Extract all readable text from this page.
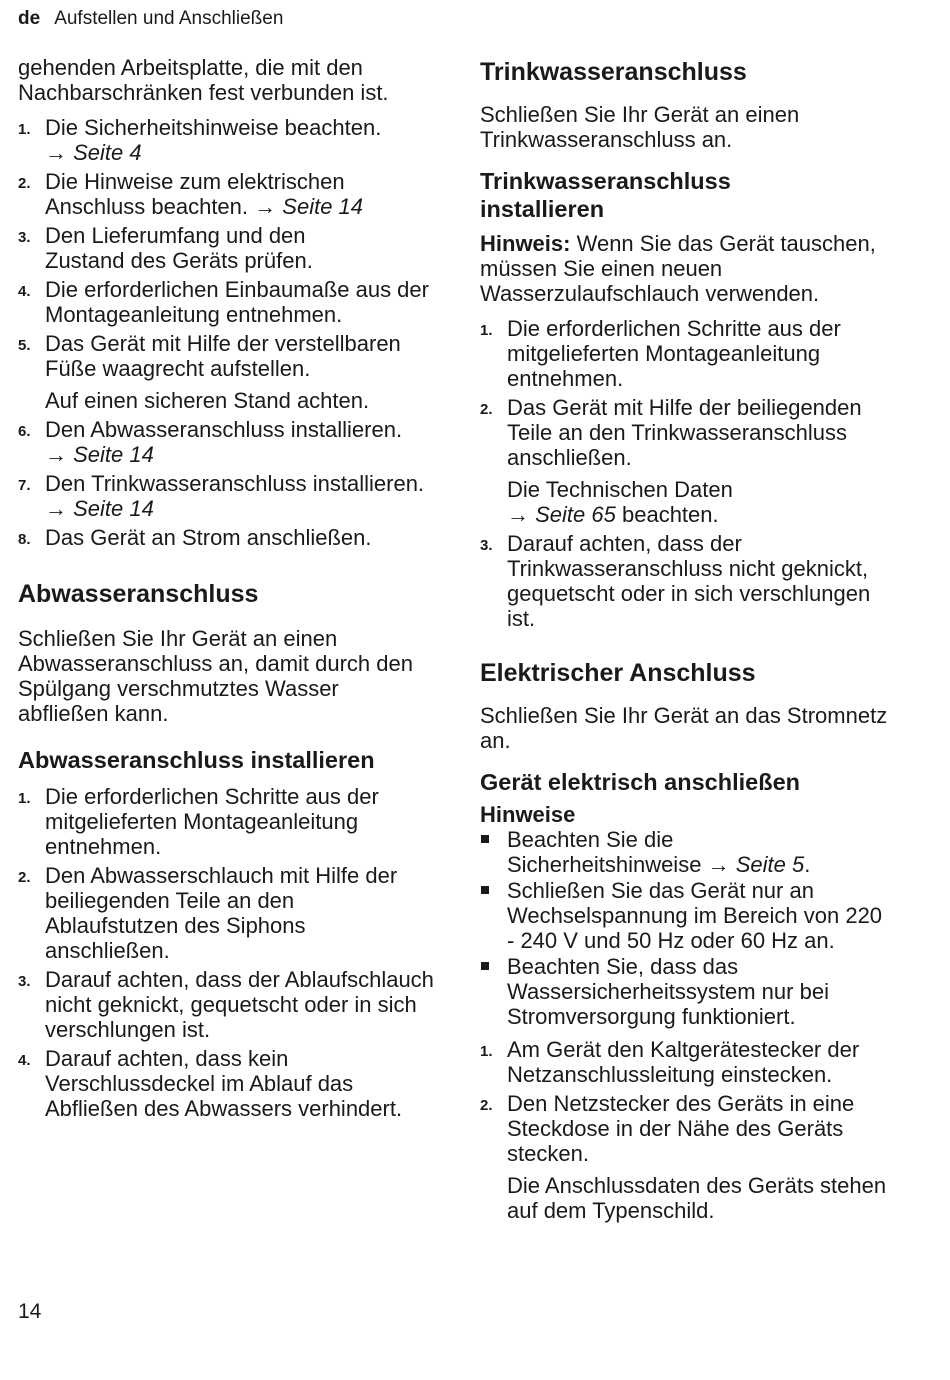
de Aufstellen und Anschließen

gehenden Arbeitsplatte, die mit den Nachbarschränken fest verbunden ist.

1. Die Sicherheitshinweise beachten.
→ Seite 4
2. Die Hinweise zum elektrischen Anschluss beachten. → Seite 14
3. Den Lieferumfang und den Zustand des Geräts prüfen.
4. Die erforderlichen Einbaumaße aus der Montageanleitung entnehmen.
5. Das Gerät mit Hilfe der verstellbaren Füße waagrecht aufstellen.
Auf einen sicheren Stand achten.
6. Den Abwasseranschluss installieren. → Seite 14
7. Den Trinkwasseranschluss installieren. → Seite 14
8. Das Gerät an Strom anschließen.
Abwasseranschluss

Schließen Sie Ihr Gerät an einen Abwasseranschluss an, damit durch den Spülgang verschmutztes Wasser abfließen kann.

Abwasseranschluss installieren
1. Die erforderlichen Schritte aus der mitgelieferten Montageanleitung entnehmen.
2. Den Abwasserschlauch mit Hilfe der beiliegenden Teile an den Ablaufstutzen des Siphons anschließen.
3. Darauf achten, dass der Ablaufschlauch nicht geknickt, gequetscht oder in sich verschlungen ist.
4. Darauf achten, dass kein Verschlussdeckel im Ablauf das Abfließen des Abwassers verhindert.
Trinkwasseranschluss

Schließen Sie Ihr Gerät an einen Trinkwasseranschluss an.

Trinkwasseranschluss installieren

Hinweis: Wenn Sie das Gerät tauschen, müssen Sie einen neuen Wasserzulaufschlauch verwenden.

1. Die erforderlichen Schritte aus der mitgelieferten Montageanleitung entnehmen.
2. Das Gerät mit Hilfe der beiliegenden Teile an den Trinkwasseranschluss anschließen.
Die Technischen Daten
→ Seite 65 beachten.
3. Darauf achten, dass der Trinkwasseranschluss nicht geknickt, gequetscht oder in sich verschlungen ist.
Elektrischer Anschluss

Schließen Sie Ihr Gerät an das Stromnetz an.

Gerät elektrisch anschließen
Hinweise
Beachten Sie die Sicherheitshinweise → Seite 5.
Schließen Sie das Gerät nur an Wechselspannung im Bereich von 220 - 240 V und 50 Hz oder 60 Hz an.
Beachten Sie, dass das Wassersicherheitssystem nur bei Stromversorgung funktioniert.
1. Am Gerät den Kaltgerätestecker der Netzanschlussleitung einstecken.
2. Den Netzstecker des Geräts in eine Steckdose in der Nähe des Geräts stecken.
Die Anschlussdaten des Geräts stehen auf dem Typenschild.
14
